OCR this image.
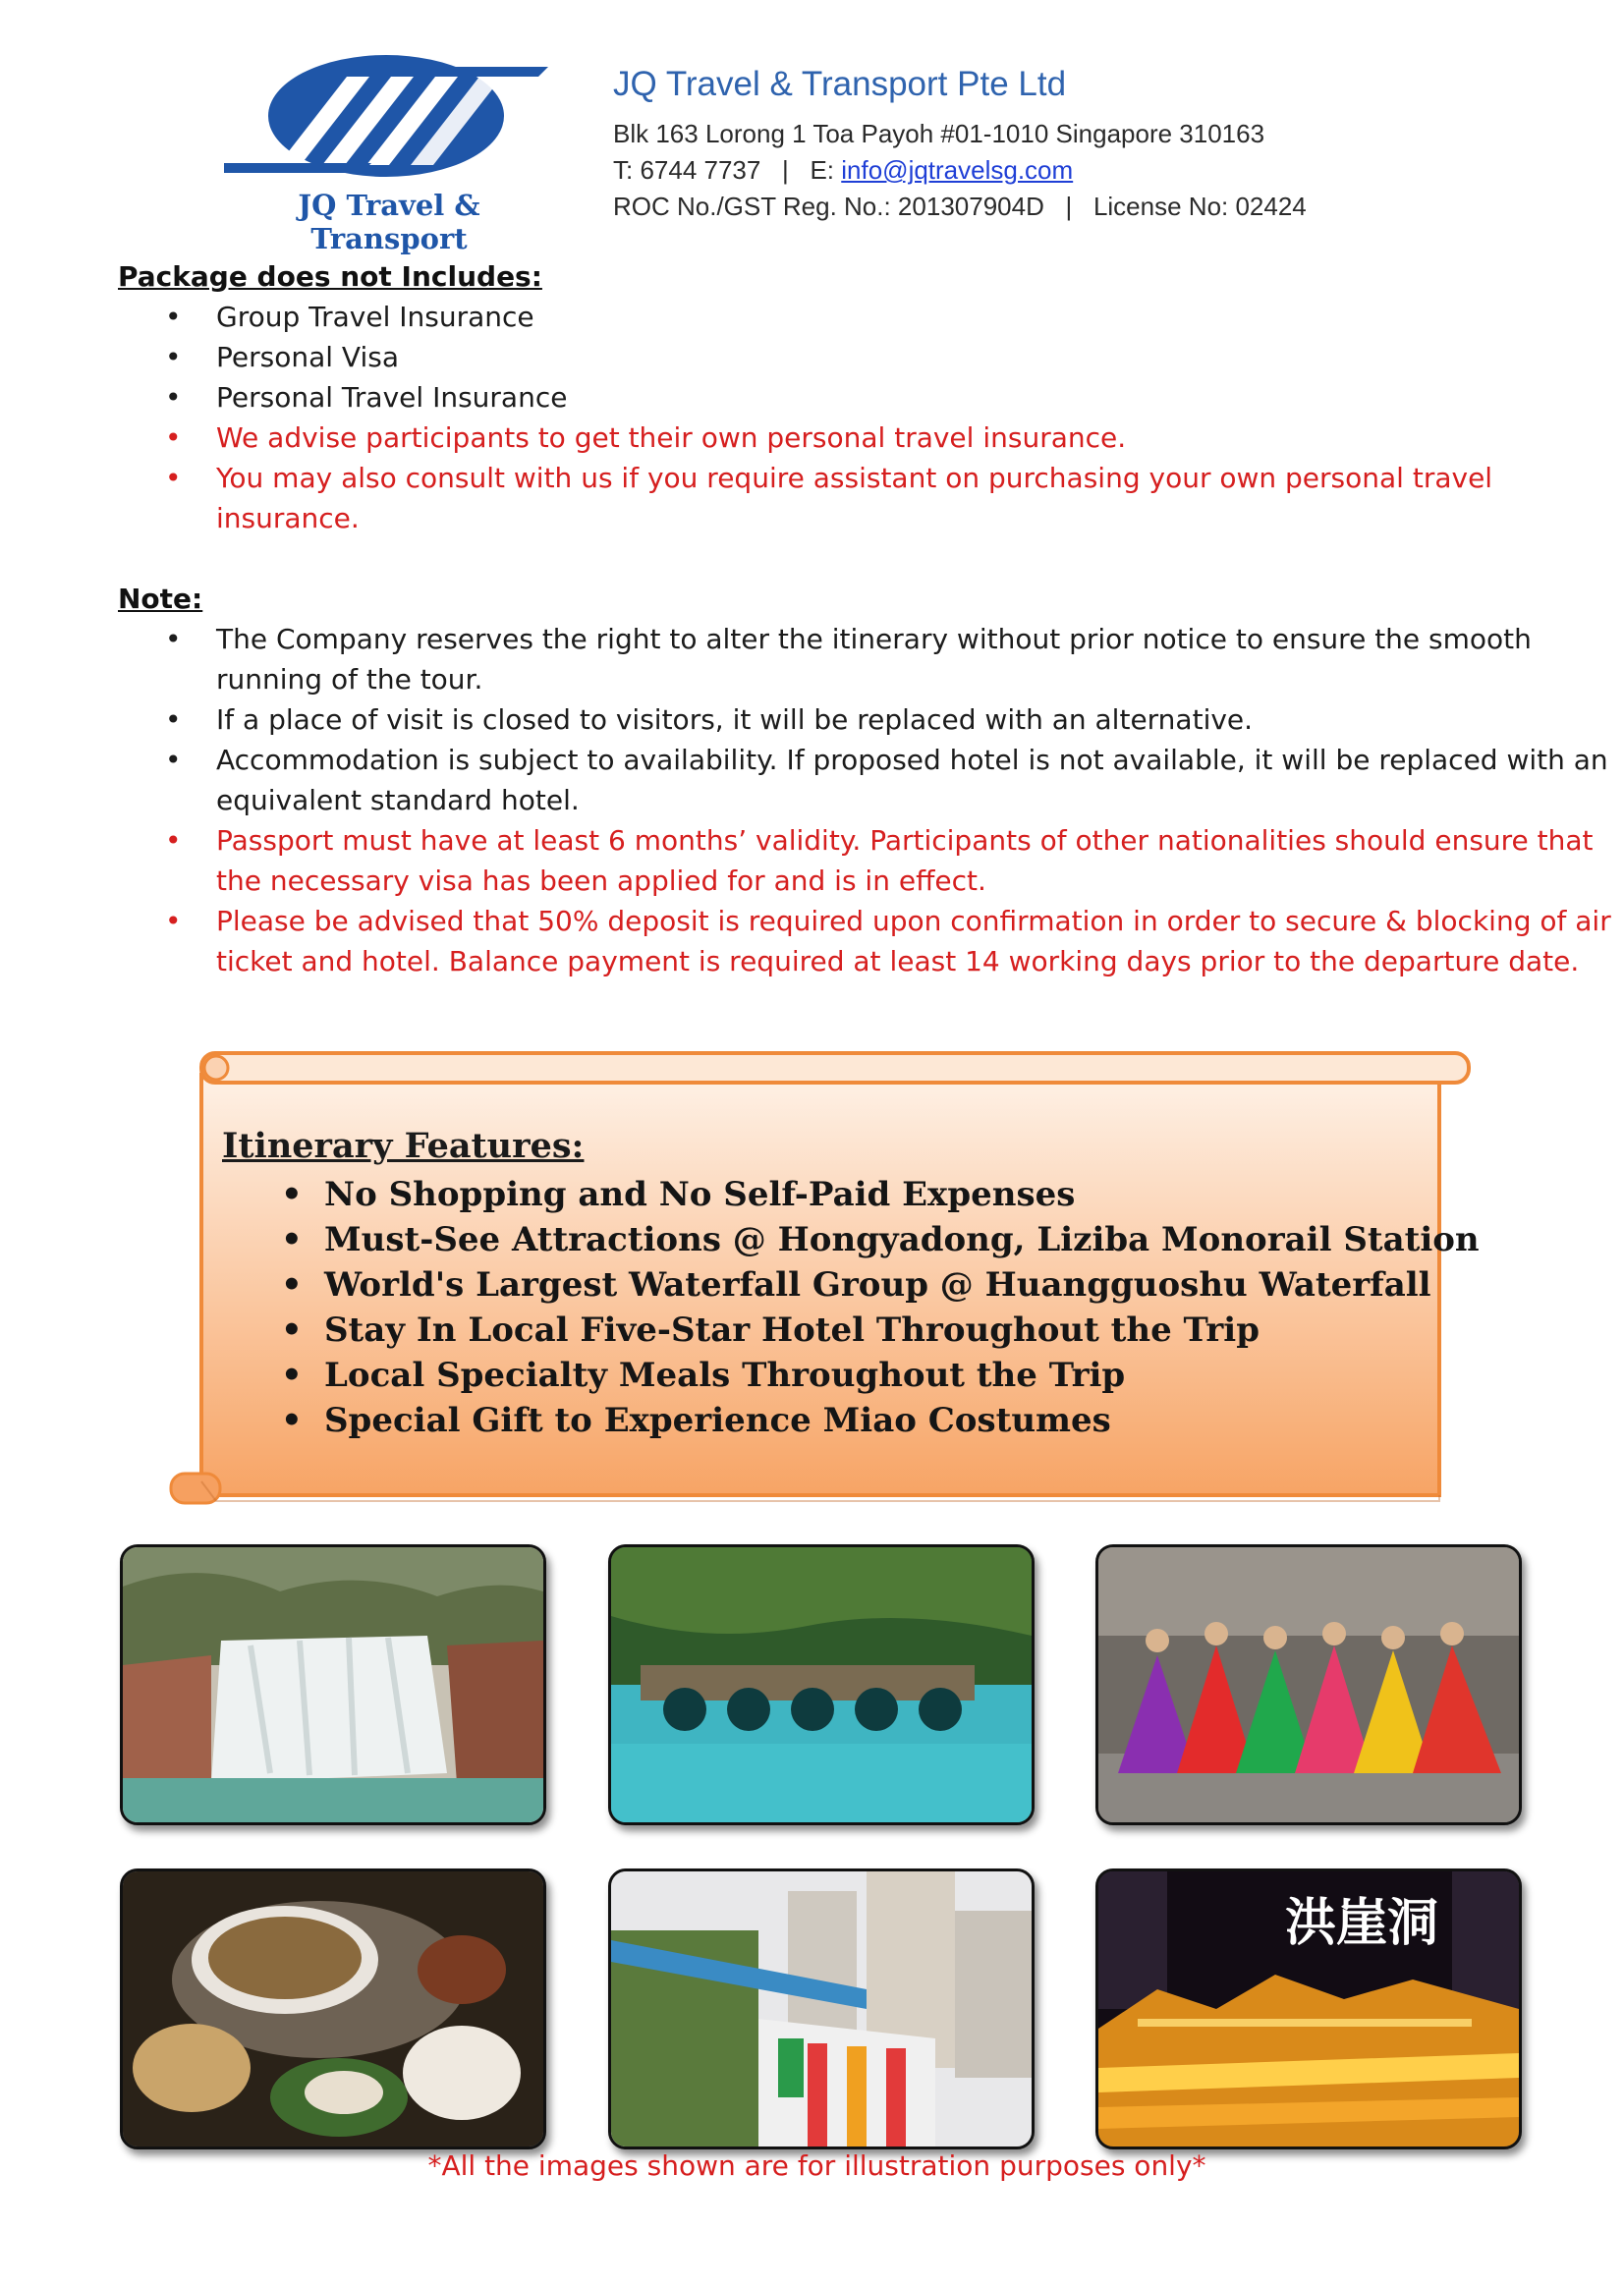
JQ Travel & Transport
JQ Travel & Transport Pte Ltd
Blk 163 Lorong 1 Toa Payoh #01-1010 Singapore 310163
T: 6744 7737   |   E: info@jqtravelsg.com
ROC No./GST Reg. No.: 201307904D   |   License No: 02424
Package does not Includes:
• Group Travel Insurance
• Personal Visa
• Personal Travel Insurance
• We advise participants to get their own personal travel insurance.
• You may also consult with us if you require assistant on purchasing your own personal travel insurance.
Note:
• The Company reserves the right to alter the itinerary without prior notice to ensure the smooth running of the tour.
• If a place of visit is closed to visitors, it will be replaced with an alternative.
• Accommodation is subject to availability. If proposed hotel is not available, it will be replaced with an equivalent standard hotel.
• Passport must have at least 6 months’ validity. Participants of other nationalities should ensure that the necessary visa has been applied for and is in effect.
• Please be advised that 50% deposit is required upon confirmation in order to secure & blocking of air ticket and hotel. Balance payment is required at least 14 working days prior to the departure date.
Itinerary Features:
• No Shopping and No Self-Paid Expenses
• Must-See Attractions @ Hongyadong, Liziba Monorail Station
• World's Largest Waterfall Group @ Huangguoshu Waterfall
• Stay In Local Five-Star Hotel Throughout the Trip
• Local Specialty Meals Throughout the Trip
• Special Gift to Experience Miao Costumes
洪崖洞
*All the images shown are for illustration purposes only*
